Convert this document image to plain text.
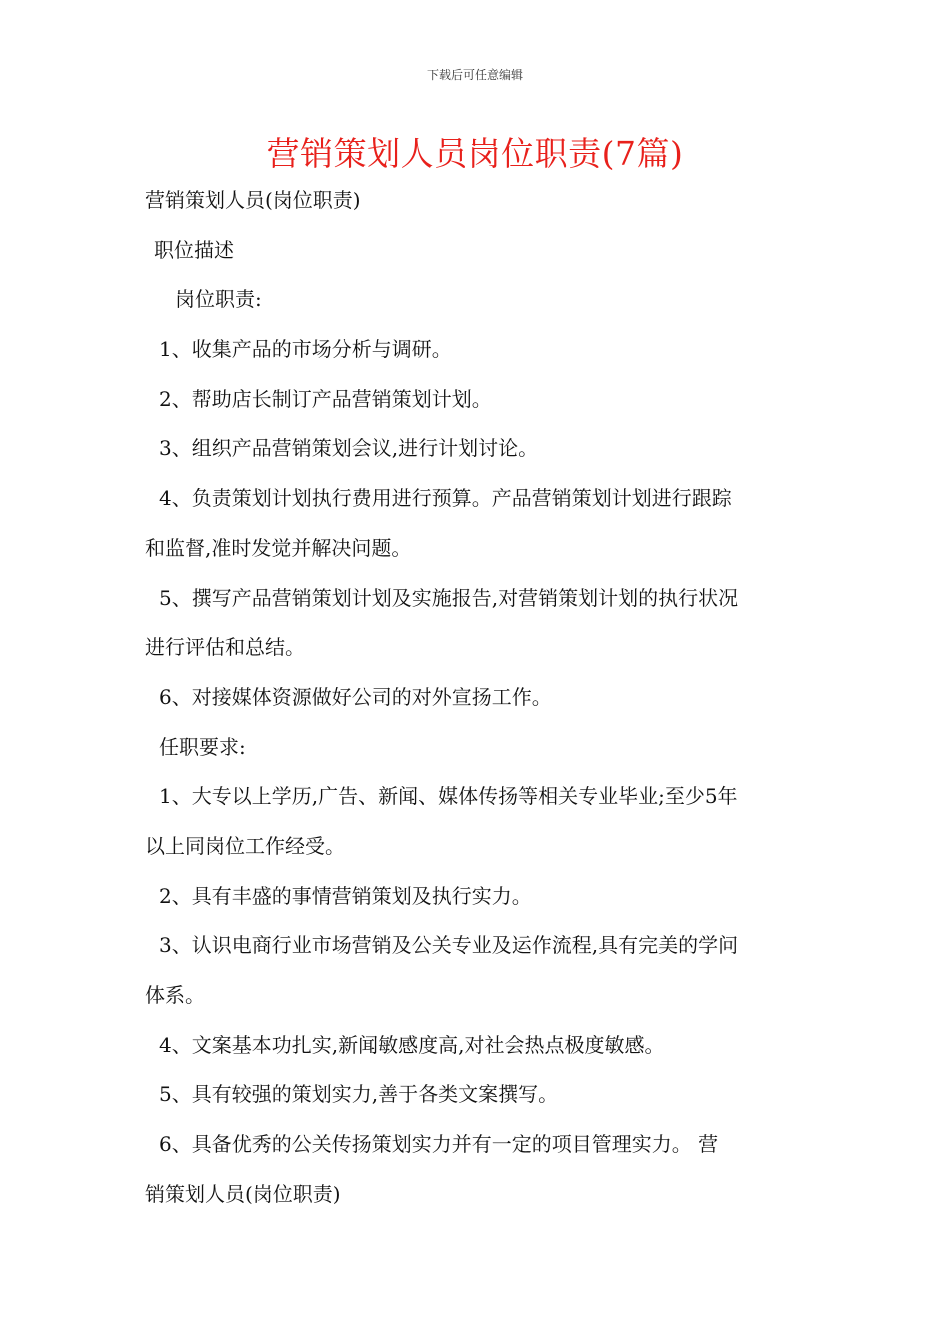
下载后可任意编辑
营销策划人员岗位职责(7篇)
营销策划人员(岗位职责)
职位描述
岗位职责:
1、收集产品的市场分析与调研。
2、帮助店长制订产品营销策划计划。
3、组织产品营销策划会议,进行计划讨论。
4、负责策划计划执行费用进行预算。产品营销策划计划进行跟踪
和监督,准时发觉并解决问题。
5、撰写产品营销策划计划及实施报告,对营销策划计划的执行状况
进行评估和总结。
6、对接媒体资源做好公司的对外宣扬工作。
任职要求:
1、大专以上学历,广告、新闻、媒体传扬等相关专业毕业;至少5年
以上同岗位工作经受。
2、具有丰盛的事情营销策划及执行实力。
3、认识电商行业市场营销及公关专业及运作流程,具有完美的学问
体系。
4、文案基本功扎实,新闻敏感度高,对社会热点极度敏感。
5、具有较强的策划实力,善于各类文案撰写。
6、具备优秀的公关传扬策划实力并有一定的项目管理实力。 营
销策划人员(岗位职责)
